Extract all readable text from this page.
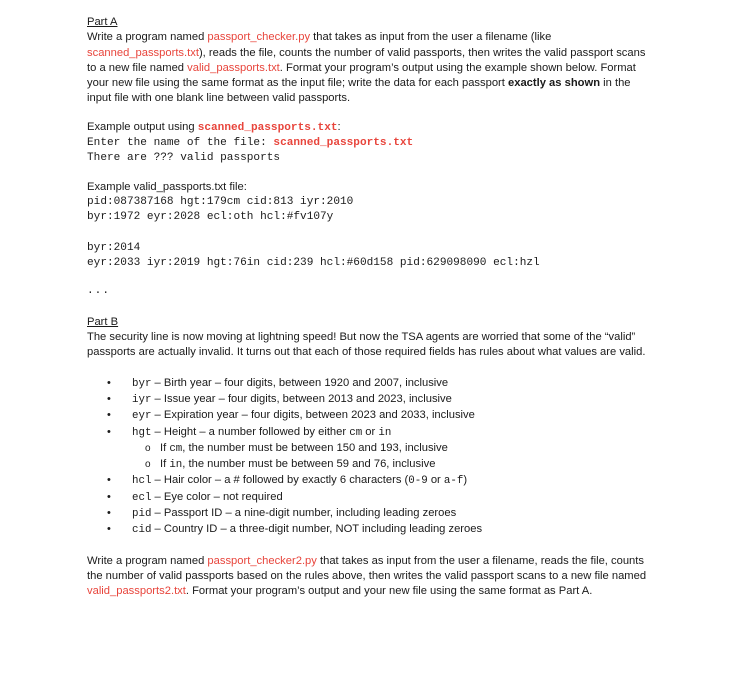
Part A

Write a program named passport_checker.py that takes as input from the user a filename (like scanned_passports.txt), reads the file, counts the number of valid passports, then writes the valid passport scans to a new file named valid_passports.txt. Format your program’s output using the example shown below. Format your new file using the same format as the input file; write the data for each passport exactly as shown in the input file with one blank line between valid passports.

Example output using scanned_passports.txt:

Enter the name of the file: scanned_passports.txt
There are ??? valid passports

Example valid_passports.txt file:

pid:087387168 hgt:179cm cid:813 iyr:2010
byr:1972 eyr:2028 ecl:oth hcl:#fv107y
byr:2014
eyr:2033 iyr:2019 hgt:76in cid:239 hcl:#60d158 pid:629098090 ecl:hzl
...

Part B

The security line is now moving at lightning speed! But now the TSA agents are worried that some of the “valid” passports are actually invalid. It turns out that each of those required fields has rules about what values are valid.

• byr – Birth year – four digits, between 1920 and 2007, inclusive
• iyr – Issue year – four digits, between 2013 and 2023, inclusive
• eyr – Expiration year – four digits, between 2023 and 2033, inclusive
• hgt – Height – a number followed by either cm or in
o If cm, the number must be between 150 and 193, inclusive
o If in, the number must be between 59 and 76, inclusive
• hcl – Hair color – a # followed by exactly 6 characters (0-9 or a-f)
• ecl – Eye color – not required
• pid – Passport ID – a nine-digit number, including leading zeroes
• cid – Country ID – a three-digit number, NOT including leading zeroes

Write a program named passport_checker2.py that takes as input from the user a filename, reads the file, counts the number of valid passports based on the rules above, then writes the valid passport scans to a new file named valid_passports2.txt. Format your program’s output and your new file using the same format as Part A.
